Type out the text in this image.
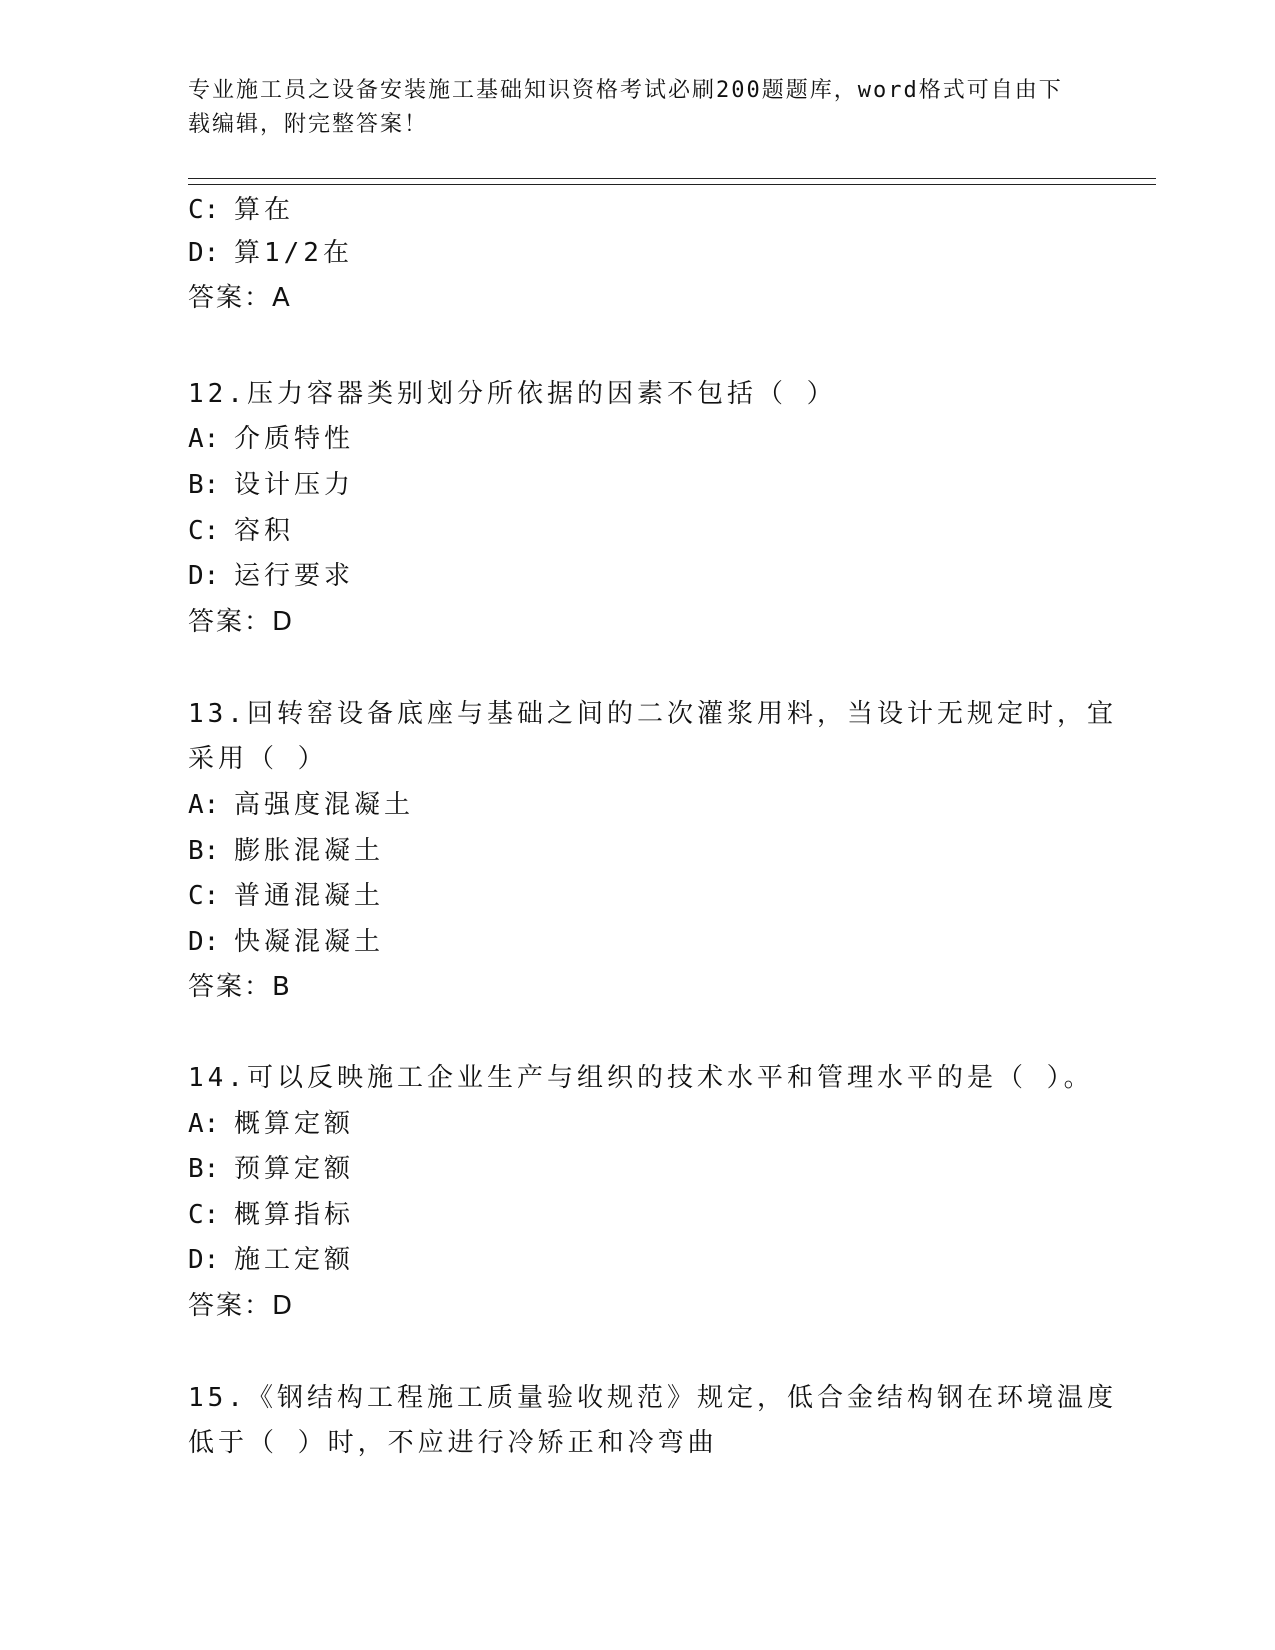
专业施工员之设备安装施工基础知识资格考试必刷200题题库，word格式可自由下载编辑，附完整答案！
C: 算在
D: 算1/2在
答案：A
12.压力容器类别划分所依据的因素不包括（ ）
A: 介质特性
B: 设计压力
C: 容积
D: 运行要求
答案：D
13.回转窑设备底座与基础之间的二次灌浆用料，当设计无规定时，宜
采用（ ）
A: 高强度混凝土
B: 膨胀混凝土
C: 普通混凝土
D: 快凝混凝土
答案：B
14.可以反映施工企业生产与组织的技术水平和管理水平的是（ ）。
A: 概算定额
B: 预算定额
C: 概算指标
D: 施工定额
答案：D
15.《钢结构工程施工质量验收规范》规定，低合金结构钢在环境温度
低于（ ）时，不应进行冷矫正和冷弯曲
